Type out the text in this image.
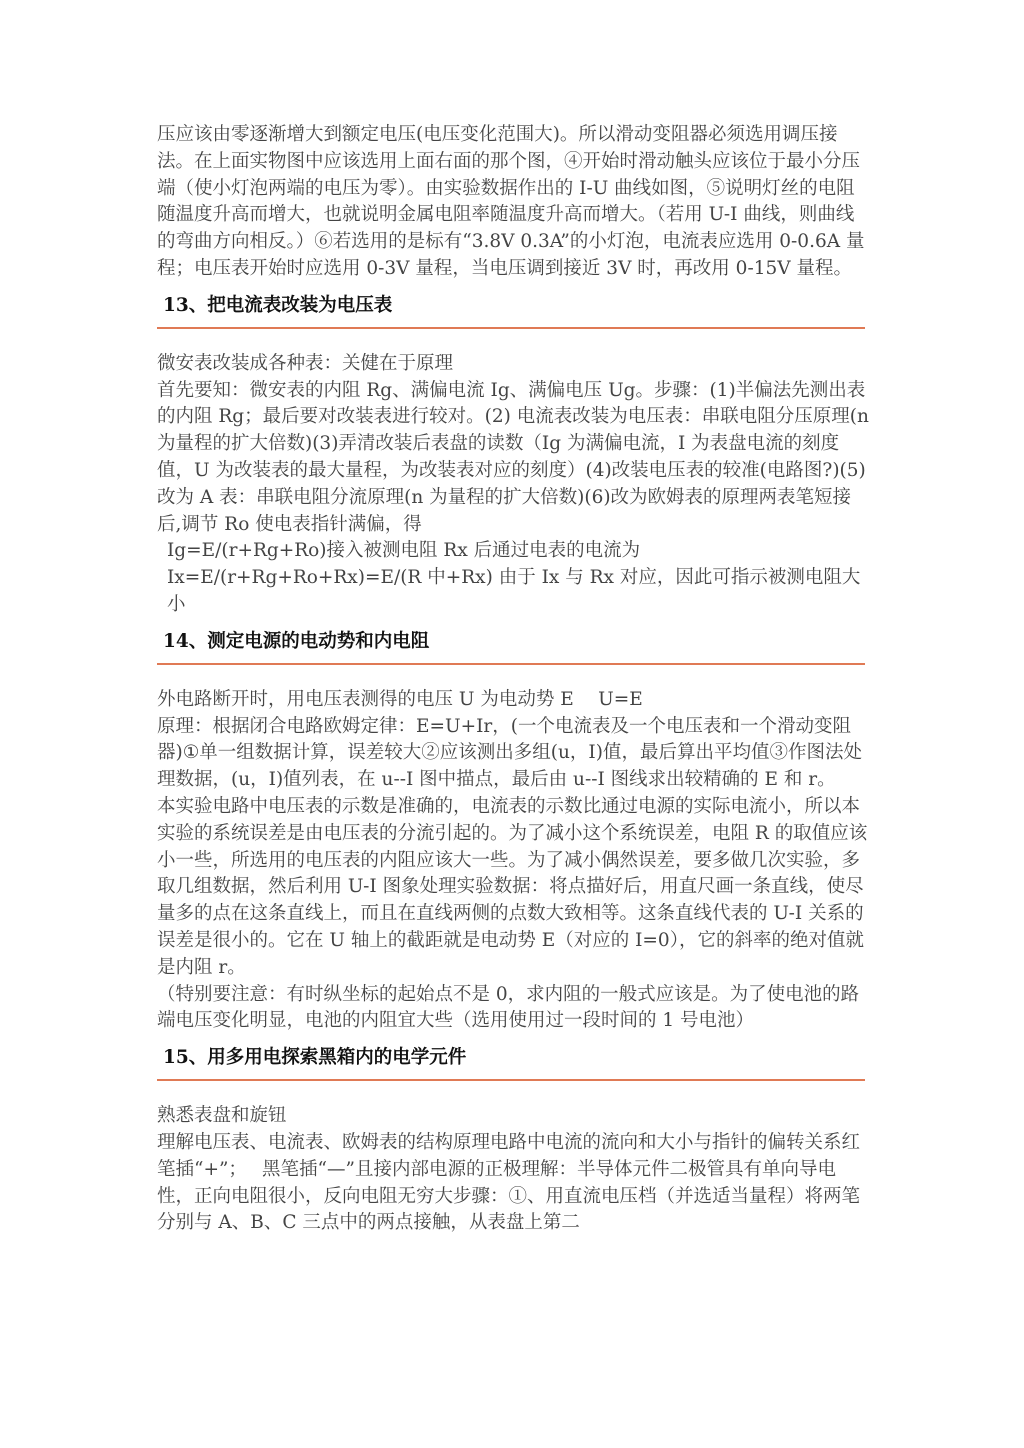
压应该由零逐渐增大到额定电压(电压变化范围大)。所以滑动变阻器必须选用调压接法。在上面实物图中应该选用上面右面的那个图，④开始时滑动触头应该位于最小分压端（使小灯泡两端的电压为零）。由实验数据作出的 I-U 曲线如图，⑤说明灯丝的电阻随温度升高而增大，也就说明金属电阻率随温度升高而增大。（若用 U-I 曲线，则曲线的弯曲方向相反。）⑥若选用的是标有“3.8V 0.3A”的小灯泡，电流表应选用 0-0.6A 量程；电压表开始时应选用 0-3V 量程，当电压调到接近 3V 时，再改用 0-15V 量程。

13、把电流表改装为电压表

微安表改装成各种表：关健在于原理

首先要知：微安表的内阻 Rg、满偏电流 Ig、满偏电压 Ug。步骤：(1)半偏法先测出表的内阻 Rg；最后要对改装表进行较对。(2) 电流表改装为电压表：串联电阻分压原理(n 为量程的扩大倍数)(3)弄清改装后表盘的读数（Ig 为满偏电流，I 为表盘电流的刻度值，U 为改装表的最大量程，为改装表对应的刻度）(4)改装电压表的较准(电路图?)(5)改为 A 表：串联电阻分流原理(n 为量程的扩大倍数)(6)改为欧姆表的原理两表笔短接后,调节 Ro 使电表指针满偏，得

Ig=E/(r+Rg+Ro)接入被测电阻 Rx 后通过电表的电流为

Ix=E/(r+Rg+Ro+Rx)=E/(R 中+Rx) 由于 Ix 与 Rx 对应，因此可指示被测电阻大小

14、测定电源的电动势和内电阻

外电路断开时，用电压表测得的电压 U 为电动势 E　 U=E

原理：根据闭合电路欧姆定律：E=U+Ir，(一个电流表及一个电压表和一个滑动变阻器)①单一组数据计算，误差较大②应该测出多组(u，I)值，最后算出平均值③作图法处理数据，(u，I)值列表，在 u--I 图中描点，最后由 u--I 图线求出较精确的 E 和 r。

本实验电路中电压表的示数是准确的，电流表的示数比通过电源的实际电流小，所以本实验的系统误差是由电压表的分流引起的。为了减小这个系统误差，电阻 R 的取值应该小一些，所选用的电压表的内阻应该大一些。为了减小偶然误差，要多做几次实验，多取几组数据，然后利用 U-I 图象处理实验数据：将点描好后，用直尺画一条直线，使尽量多的点在这条直线上，而且在直线两侧的点数大致相等。这条直线代表的 U-I 关系的误差是很小的。它在 U 轴上的截距就是电动势 E（对应的 I=0），它的斜率的绝对值就是内阻 r。

（特别要注意：有时纵坐标的起始点不是 0，求内阻的一般式应该是。为了使电池的路端电压变化明显，电池的内阻宜大些（选用使用过一段时间的 1 号电池）

15、用多用电探索黑箱内的电学元件

熟悉表盘和旋钮

理解电压表、电流表、欧姆表的结构原理电路中电流的流向和大小与指针的偏转关系红笔插“+”；　 黑笔插“—”且接内部电源的正极理解：半导体元件二极管具有单向导电性，正向电阻很小，反向电阻无穷大步骤：①、用直流电压档（并选适当量程）将两笔分别与 A、B、C 三点中的两点接触，从表盘上第二
